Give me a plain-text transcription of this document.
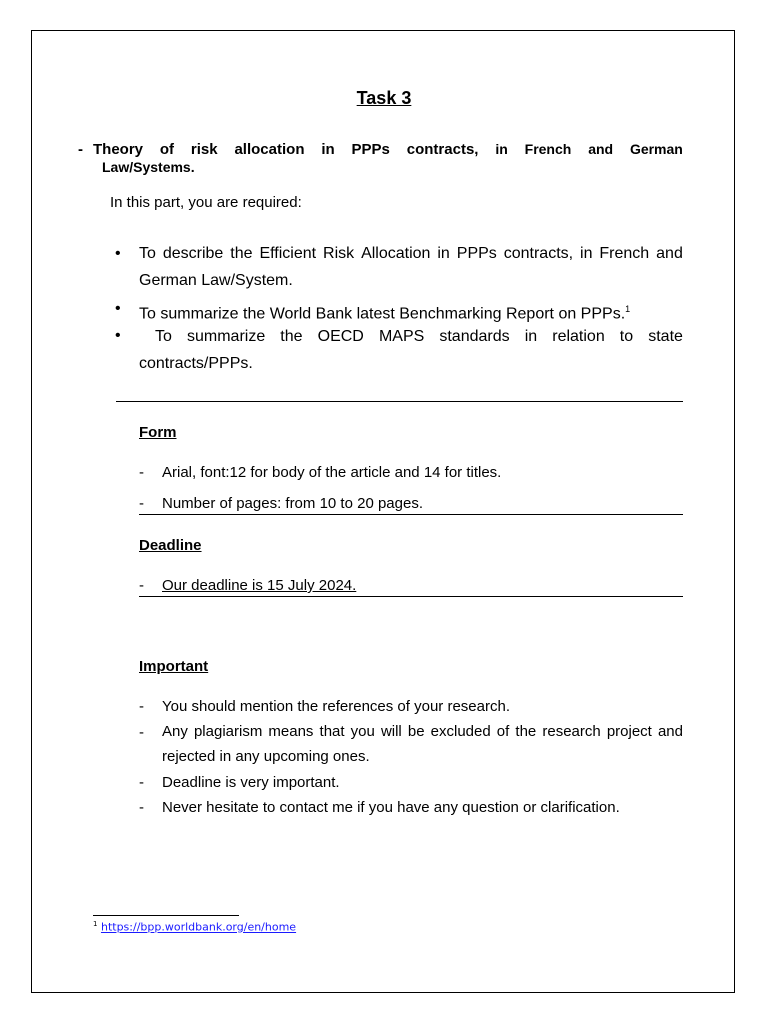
Task 3
- Theory of risk allocation in PPPs contracts, in French and German
Law/Systems.
In this part, you are required:
• To describe the Efficient Risk Allocation in PPPs contracts, in French and
German Law/System.
• To summarize the World Bank latest Benchmarking Report on PPPs.$^1$
• To summarize the OECD MAPS standards in relation to state
contracts/PPPs.
Form
- Arial, font:12 for body of the article and 14 for titles.
- Number of pages: from 10 to 20 pages.
Deadline
- Our deadline is 15 July 2024.
Important
- You should mention the references of your research.
- Any plagiarism means that you will be excluded of the research project and
rejected in any upcoming ones.
- Deadline is very important.
- Never hesitate to contact me if you have any question or clarification.
$^1$ https://bpp.worldbank.org/en/home
